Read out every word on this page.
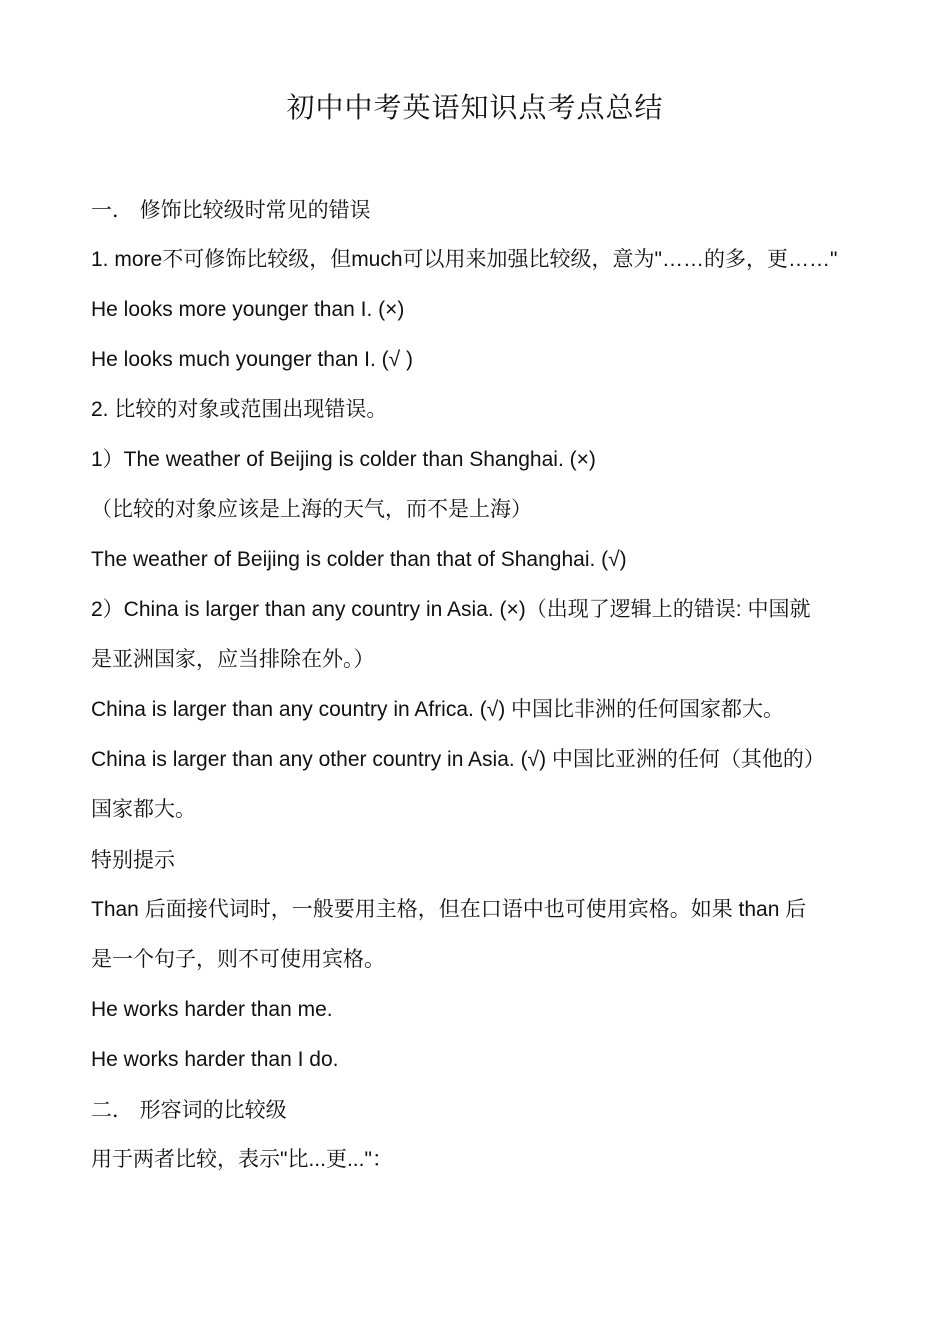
初中中考英语知识点考点总结
一． 修饰比较级时常见的错误
1. more不可修饰比较级，但much可以用来加强比较级，意为"……的多，更……"
He looks more younger than I. (×)
He looks much younger than I. (√ )
2. 比较的对象或范围出现错误。
1）The weather of Beijing is colder than Shanghai. (×)
（比较的对象应该是上海的天气，而不是上海）
The weather of Beijing is colder than that of Shanghai. (√)
2）China is larger than any country in Asia. (×)（出现了逻辑上的错误: 中国就
是亚洲国家，应当排除在外。）
China is larger than any country in Africa. (√) 中国比非洲的任何国家都大。
China is larger than any other country in Asia. (√) 中国比亚洲的任何（其他的）
国家都大。
特别提示
Than 后面接代词时，一般要用主格，但在口语中也可使用宾格。如果 than 后
是一个句子，则不可使用宾格。
He works harder than me.
He works harder than I do.
二． 形容词的比较级
用于两者比较，表示"比...更..."：
